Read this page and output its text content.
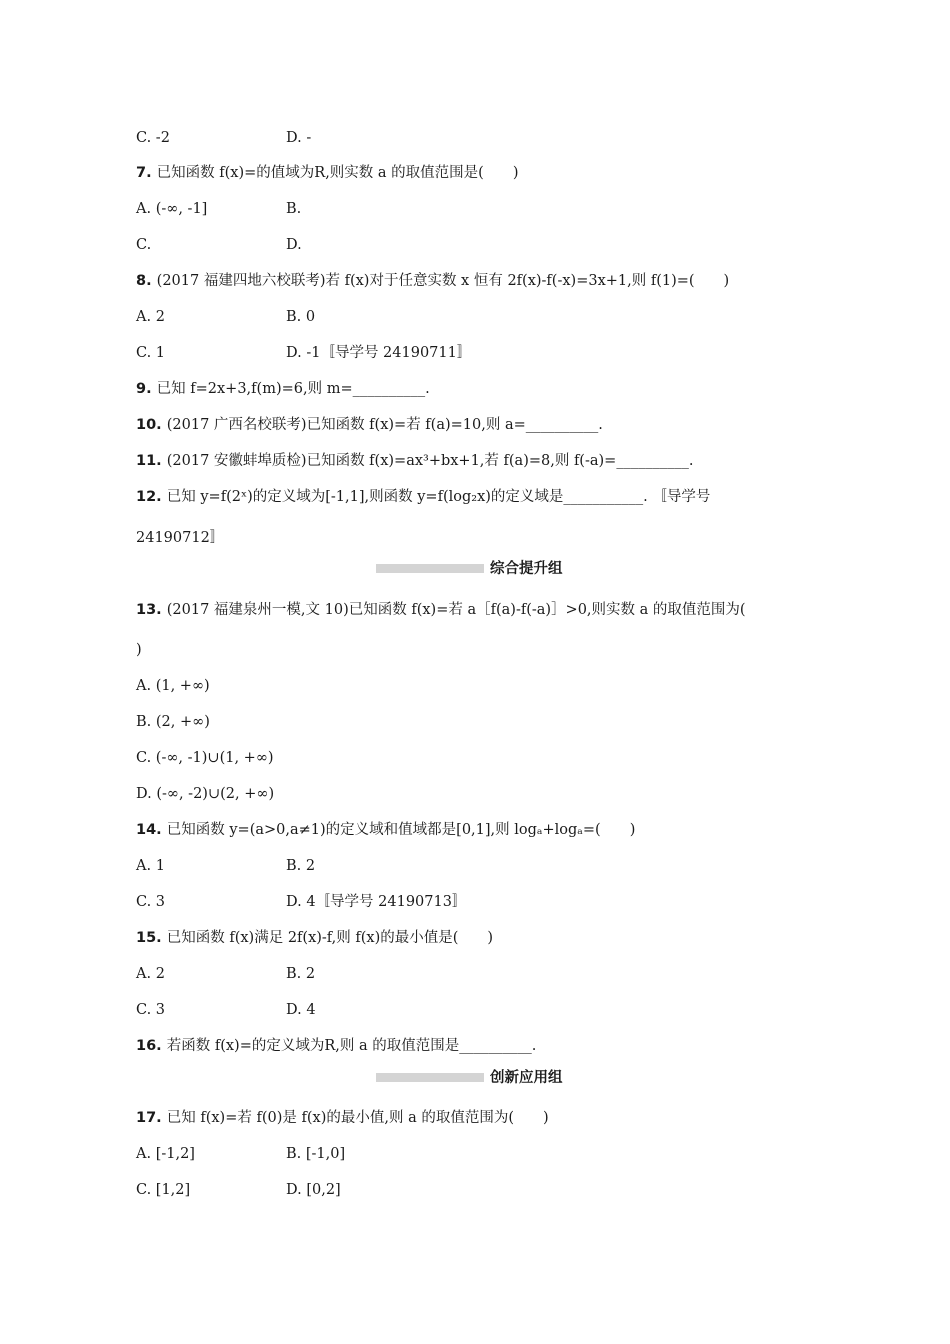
C. -2	D. -
7. 已知函数 f(x)=的值域为R,则实数 a 的取值范围是(　　)
A. (-∞, -1]	B.
C.	D.
8. (2017 福建四地六校联考)若 f(x)对于任意实数 x 恒有 2f(x)-f(-x)=3x+1,则 f(1)=(　　)
A. 2	B. 0
C. 1	D. -1〚导学号 24190711〛
9. 已知 f=2x+3,f(m)=6,则 m=__________.
10. (2017 广西名校联考)已知函数 f(x)=若 f(a)=10,则 a=__________.
11. (2017 安徽蚌埠质检)已知函数 f(x)=ax³+bx+1,若 f(a)=8,则 f(-a)=__________.
12. 已知 y=f(2ˣ)的定义域为[-1,1],则函数 y=f(log₂x)的定义域是___________. 〚导学号
24190712〛
综合提升组
13. (2017 福建泉州一模,文 10)已知函数 f(x)=若 a［f(a)-f(-a)］>0,则实数 a 的取值范围为(
)
A. (1, +∞)
B. (2, +∞)
C. (-∞, -1)∪(1, +∞)
D. (-∞, -2)∪(2, +∞)
14. 已知函数 y=(a>0,a≠1)的定义域和值域都是[0,1],则 logₐ+logₐ=(　　)
A. 1	B. 2
C. 3	D. 4〚导学号 24190713〛
15. 已知函数 f(x)满足 2f(x)-f,则 f(x)的最小值是(　　)
A. 2	B. 2
C. 3	D. 4
16. 若函数 f(x)=的定义域为R,则 a 的取值范围是__________.
创新应用组
17. 已知 f(x)=若 f(0)是 f(x)的最小值,则 a 的取值范围为(　　)
A. [-1,2]	B. [-1,0]
C. [1,2]	D. [0,2]
